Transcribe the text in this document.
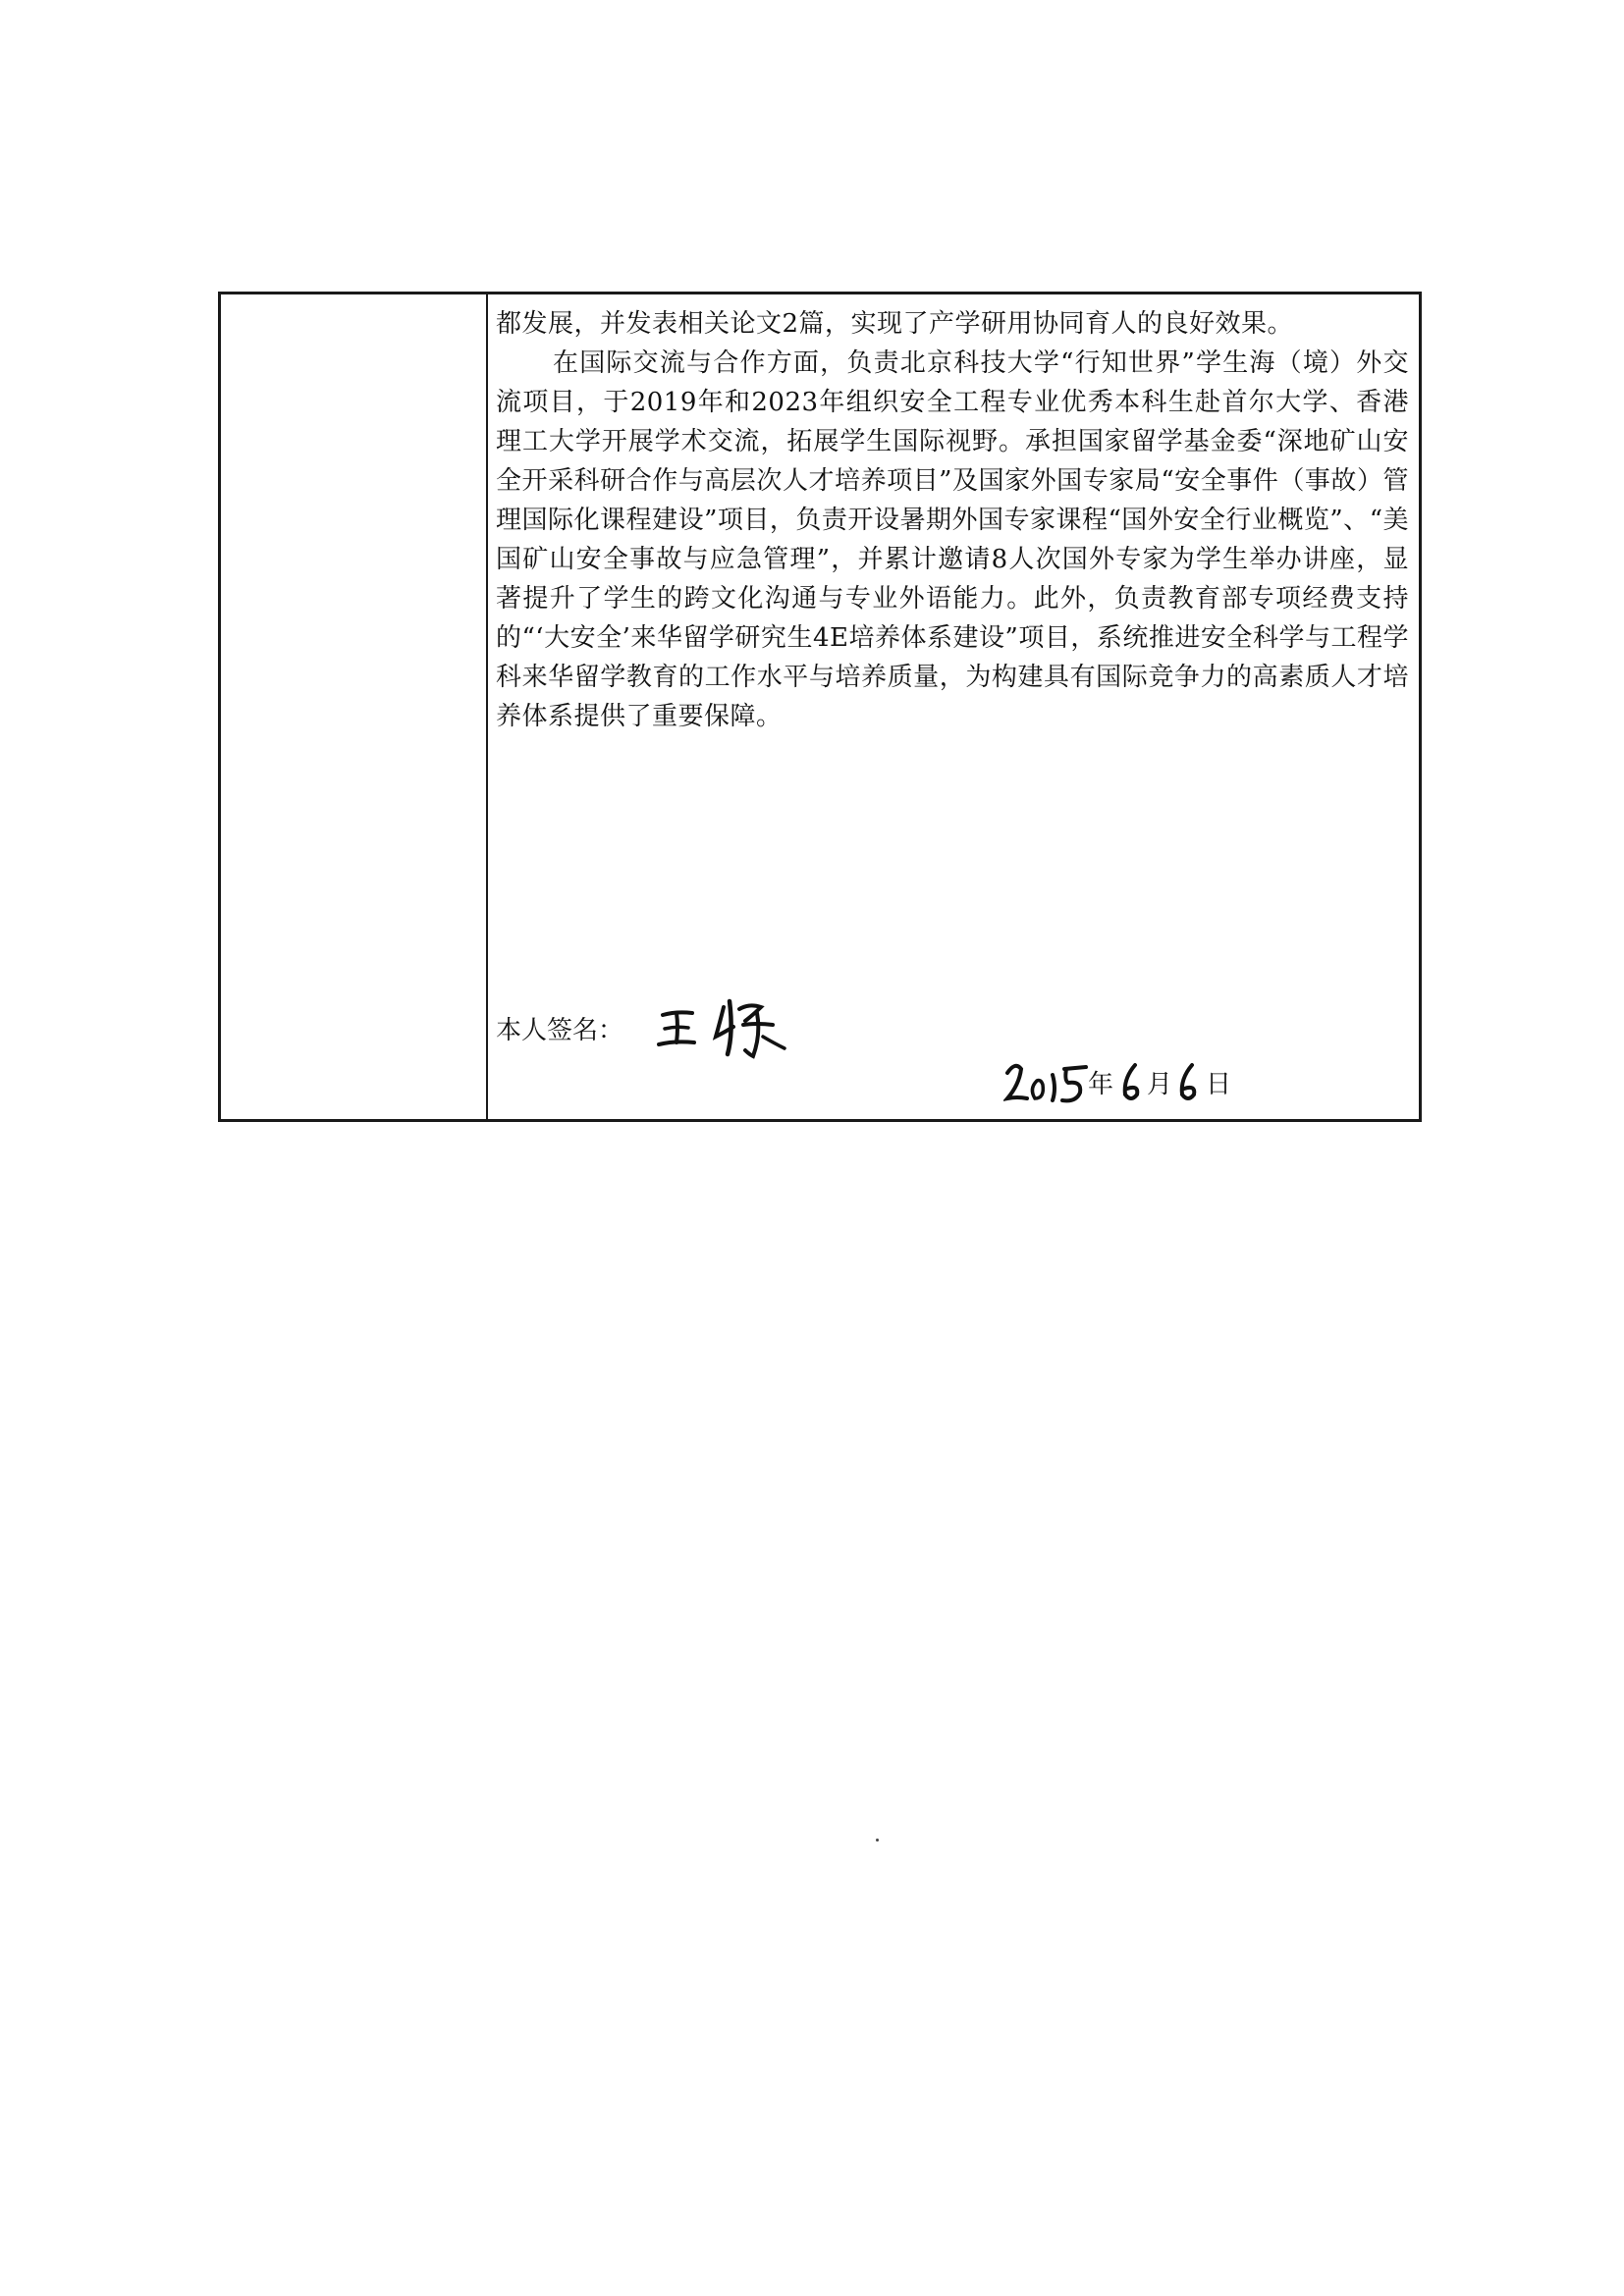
都发展，并发表相关论文2篇，实现了产学研用协同育人的良好效果。

在国际交流与合作方面，负责北京科技大学“行知世界”学生海（境）外交流项目，于2019年和2023年组织安全工程专业优秀本科生赴首尔大学、香港理工大学开展学术交流，拓展学生国际视野。承担国家留学基金委“深地矿山安全开采科研合作与高层次人才培养项目”及国家外国专家局“安全事件（事故）管理国际化课程建设”项目，负责开设暑期外国专家课程“国外安全行业概览”、“美国矿山安全事故与应急管理”，并累计邀请8人次国外专家为学生举办讲座，显著提升了学生的跨文化沟通与专业外语能力。此外，负责教育部专项经费支持的“‘大安全’来华留学研究生4E培养体系建设”项目，系统推进安全科学与工程学科来华留学教育的工作水平与培养质量，为构建具有国际竞争力的高素质人才培养体系提供了重要保障。

本人签名：
年 月 日
